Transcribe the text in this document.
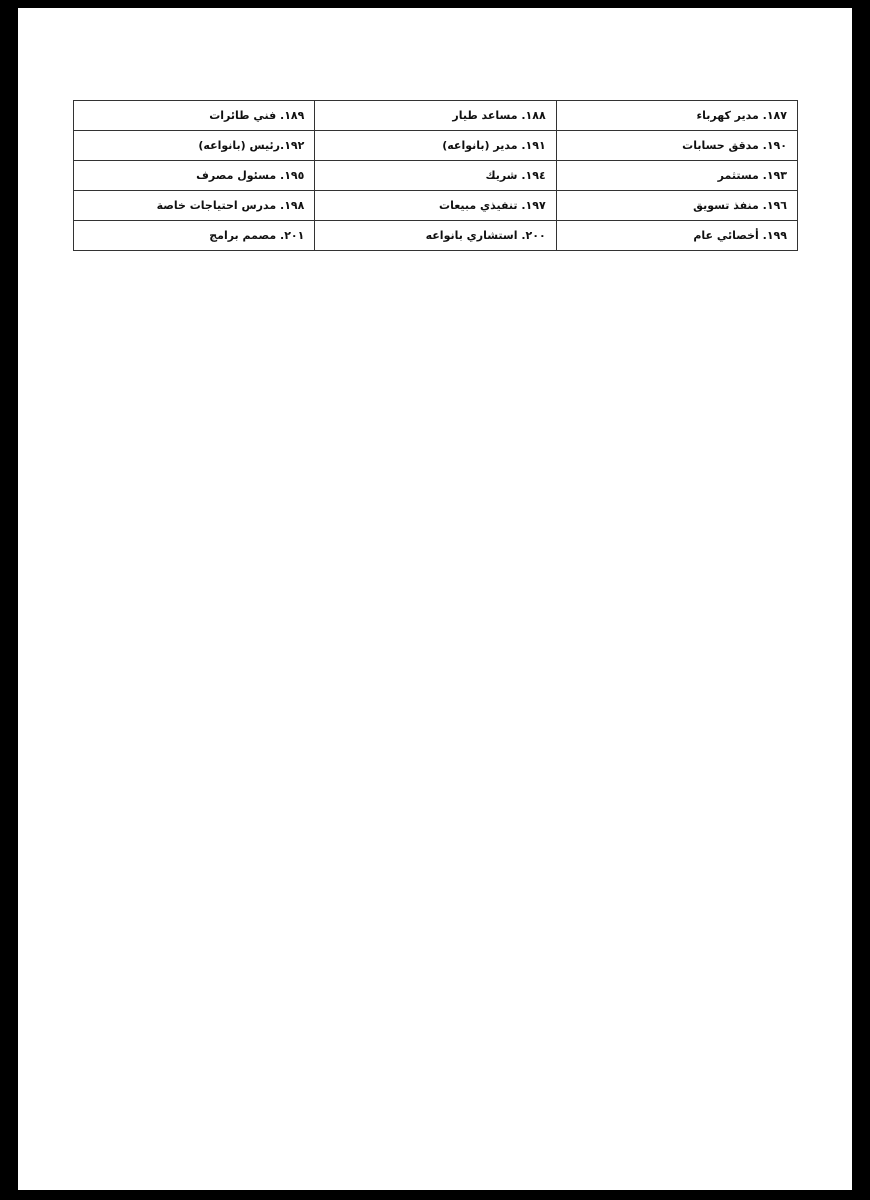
١٨٧. مدير كهرباء	١٨٨. مساعد طيار	١٨٩. فني طائرات
١٩٠. مدقق حسابات	١٩١. مدير (بانواعه)	١٩٢.رئيس (بانواعه)
١٩٣. مستثمر	١٩٤. شريك	١٩٥. مسئول مصرف
١٩٦. منفذ تسويق	١٩٧. تنفيذي مبيعات	١٩٨. مدرس احتياجات خاصة
١٩٩. أخصائي عام	٢٠٠. استشاري بانواعه	٢٠١. مصمم برامج
